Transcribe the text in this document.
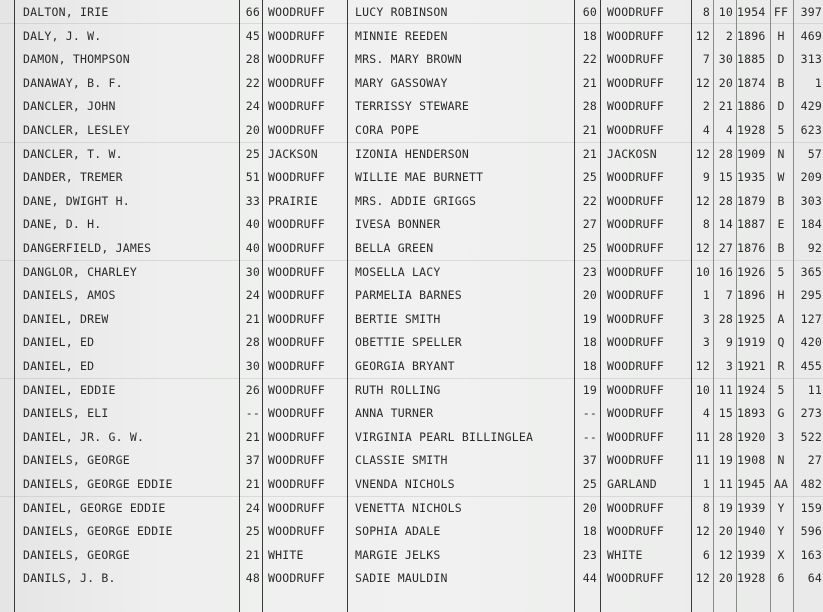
DALTON, IRIE	66 WOODRUFF	LUCY ROBINSON	60 WOODRUFF	8 10 1954 FF	397
DALY, J. W.	45 WOODRUFF	MINNIE REEDEN	18 WOODRUFF	12	2 1896	H	469
DAMON, THOMPSON	28 WOODRUFF	MRS. MARY BROWN	22 WOODRUFF	7 30 1885	D	313
DANAWAY, B. F.	22 WOODRUFF	MARY GASSOWAY	21 WOODRUFF	12 20 1874	B	1
DANCLER, JOHN	24 WOODRUFF	TERRISSY STEWARE	28 WOODRUFF	2 21 1886	D	429
DANCLER, LESLEY	20 WOODRUFF	CORA POPE	21 WOODRUFF	4	4 1928	5	623
DANCLER, T. W.	25 JACKSON	IZONIA HENDERSON	21 JACKOSN	12 28 1909	N	57
DANDER, TREMER	51 WOODRUFF	WILLIE MAE BURNETT	25 WOODRUFF	9 15 1935	W	209
DANE, DWIGHT H.	33 PRAIRIE	MRS. ADDIE GRIGGS	22 WOODRUFF	12 28 1879	B	303
DANE, D. H.	40 WOODRUFF	IVESA BONNER	27 WOODRUFF	8 14 1887	E	184
DANGERFIELD, JAMES	40 WOODRUFF	BELLA GREEN	25 WOODRUFF	12 27 1876	B	92
DANGLOR, CHARLEY	30 WOODRUFF	MOSELLA LACY	23 WOODRUFF	10 16 1926	5	365
DANIELS, AMOS	24 WOODRUFF	PARMELIA BARNES	20 WOODRUFF	1	7 1896	H	295
DANIEL, DREW	21 WOODRUFF	BERTIE SMITH	19 WOODRUFF	3 28 1925	A	127
DANIEL, ED	28 WOODRUFF	OBETTIE SPELLER	18 WOODRUFF	3	9 1919	Q	420
DANIEL, ED	30 WOODRUFF	GEORGIA BRYANT	18 WOODRUFF	12	3 1921	R	455
DANIEL, EDDIE	26 WOODRUFF	RUTH ROLLING	19 WOODRUFF	10 11 1924	5	11
DANIELS, ELI	-- WOODRUFF	ANNA TURNER	-- WOODRUFF	4 15 1893	G	273
DANIEL, JR. G. W.	21 WOODRUFF	VIRGINIA PEARL BILLINGLEA	-- WOODRUFF	11 28 1920	3	522
DANIELS, GEORGE	37 WOODRUFF	CLASSIE SMITH	37 WOODRUFF	11 19 1908	N	27
DANIELS, GEORGE EDDIE	21 WOODRUFF	VNENDA NICHOLS	25 GARLAND	1 11 1945 AA	482
DANIEL, GEORGE EDDIE	24 WOODRUFF	VENETTA NICHOLS	20 WOODRUFF	8 19 1939	Y	159
DANIELS, GEORGE EDDIE	25 WOODRUFF	SOPHIA ADALE	18 WOODRUFF	12 20 1940	Y	596
DANIELS, GEORGE	21 WHITE	MARGIE JELKS	23 WHITE	6 12 1939	X	163
DANILS, J. B.	48 WOODRUFF	SADIE MAULDIN	44 WOODRUFF	12 20 1928	6	64
